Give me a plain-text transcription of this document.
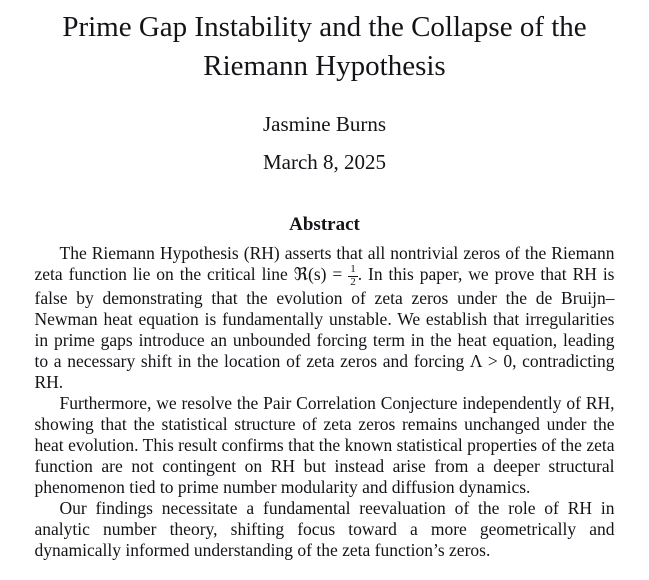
Prime Gap Instability and the Collapse of the
Riemann Hypothesis
Jasmine Burns
March 8, 2025
Abstract

The Riemann Hypothesis (RH) asserts that all nontrivial zeros of the Riemann zeta function lie on the critical line ℜ(s) = $\frac{1}{2}$ . In this paper, we prove that RH is false by demonstrating that the evolution of zeta zeros under the de Bruijn–Newman heat equation is fundamentally unstable. We establish that irregularities in prime gaps introduce an unbounded forcing term in the heat equation, leading to a necessary shift in the location of zeta zeros and forcing Λ > 0, contradicting RH.

Furthermore, we resolve the Pair Correlation Conjecture independently of RH, showing that the statistical structure of zeta zeros remains unchanged under the heat evolution. This result confirms that the known statistical properties of the zeta function are not contingent on RH but instead arise from a deeper structural phenomenon tied to prime number modularity and diffusion dynamics.

Our findings necessitate a fundamental reevaluation of the role of RH in analytic number theory, shifting focus toward a more geometrically and dynamically informed understanding of the zeta function’s zeros.
